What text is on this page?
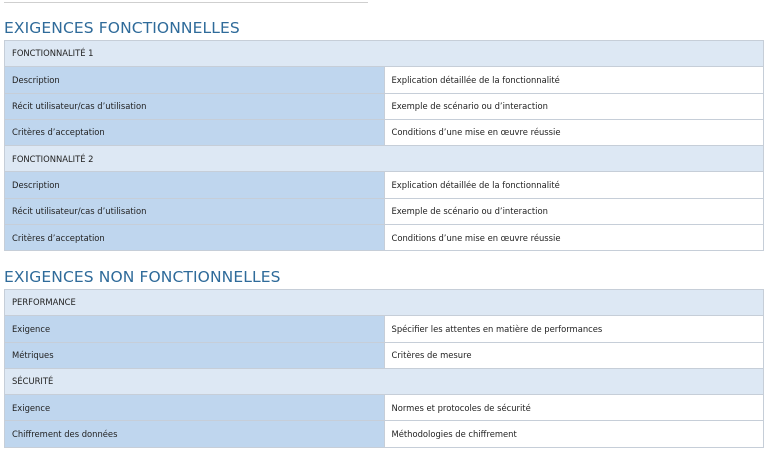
EXIGENCES FONCTIONNELLES
FONCTIONNALITÉ 1	
Description	Explication détaillée de la fonctionnalité
Récit utilisateur/cas d’utilisation	Exemple de scénario ou d’interaction
Critères d’acceptation	Conditions d’une mise en œuvre réussie
FONCTIONNALITÉ 2	
Description	Explication détaillée de la fonctionnalité
Récit utilisateur/cas d’utilisation	Exemple de scénario ou d’interaction
Critères d’acceptation	Conditions d’une mise en œuvre réussie
EXIGENCES NON FONCTIONNELLES
PERFORMANCE	
Exigence	Spécifier les attentes en matière de performances
Métriques	Critères de mesure
SÉCURITÉ	
Exigence	Normes et protocoles de sécurité
Chiffrement des données	Méthodologies de chiffrement
